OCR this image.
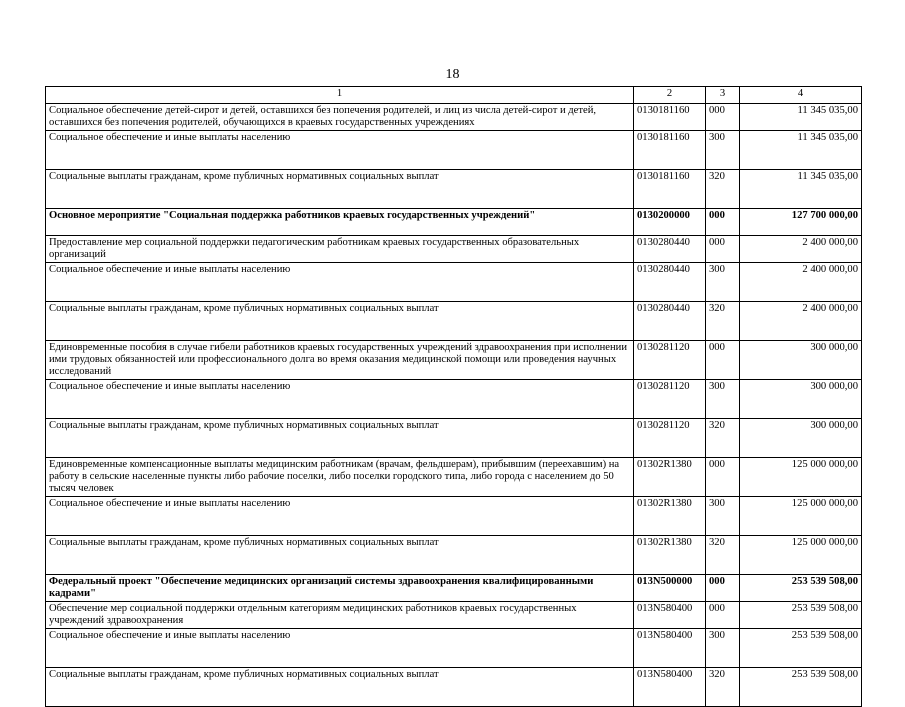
18
1	2	3	4
Социальное обеспечение детей-сирот и детей, оставшихся без попечения родителей, и лиц из числа детей-сирот и детей, оставшихся без попечения родителей, обучающихся в краевых государственных учреждениях	0130181160	000	11 345 035,00
Социальное обеспечение и иные выплаты населению	0130181160	300	11 345 035,00
Социальные выплаты гражданам, кроме публичных нормативных социальных выплат	0130181160	320	11 345 035,00
Основное мероприятие "Социальная поддержка работников краевых государственных учреждений"	0130200000	000	127 700 000,00
Предоставление мер социальной поддержки педагогическим работникам краевых государственных образовательных организаций	0130280440	000	2 400 000,00
Социальное обеспечение и иные выплаты населению	0130280440	300	2 400 000,00
Социальные выплаты гражданам, кроме публичных нормативных социальных выплат	0130280440	320	2 400 000,00
Единовременные пособия в случае гибели работников краевых государственных учреждений здравоохранения при исполнении ими трудовых обязанностей или профессионального долга во время оказания медицинской помощи или проведения научных исследований	0130281120	000	300 000,00
Социальное обеспечение и иные выплаты населению	0130281120	300	300 000,00
Социальные выплаты гражданам, кроме публичных нормативных социальных выплат	0130281120	320	300 000,00
Единовременные компенсационные выплаты медицинским работникам (врачам, фельдшерам), прибывшим (переехавшим) на работу в сельские населенные пункты либо рабочие поселки, либо поселки городского типа, либо города с населением до 50 тысяч человек	01302R1380	000	125 000 000,00
Социальное обеспечение и иные выплаты населению	01302R1380	300	125 000 000,00
Социальные выплаты гражданам, кроме публичных нормативных социальных выплат	01302R1380	320	125 000 000,00
Федеральный проект "Обеспечение медицинских организаций системы здравоохранения квалифицированными кадрами"	013N500000	000	253 539 508,00
Обеспечение мер социальной поддержки отдельным категориям медицинских работников краевых государственных учреждений здравоохранения	013N580400	000	253 539 508,00
Социальное обеспечение и иные выплаты населению	013N580400	300	253 539 508,00
Социальные выплаты гражданам, кроме публичных нормативных социальных выплат	013N580400	320	253 539 508,00
